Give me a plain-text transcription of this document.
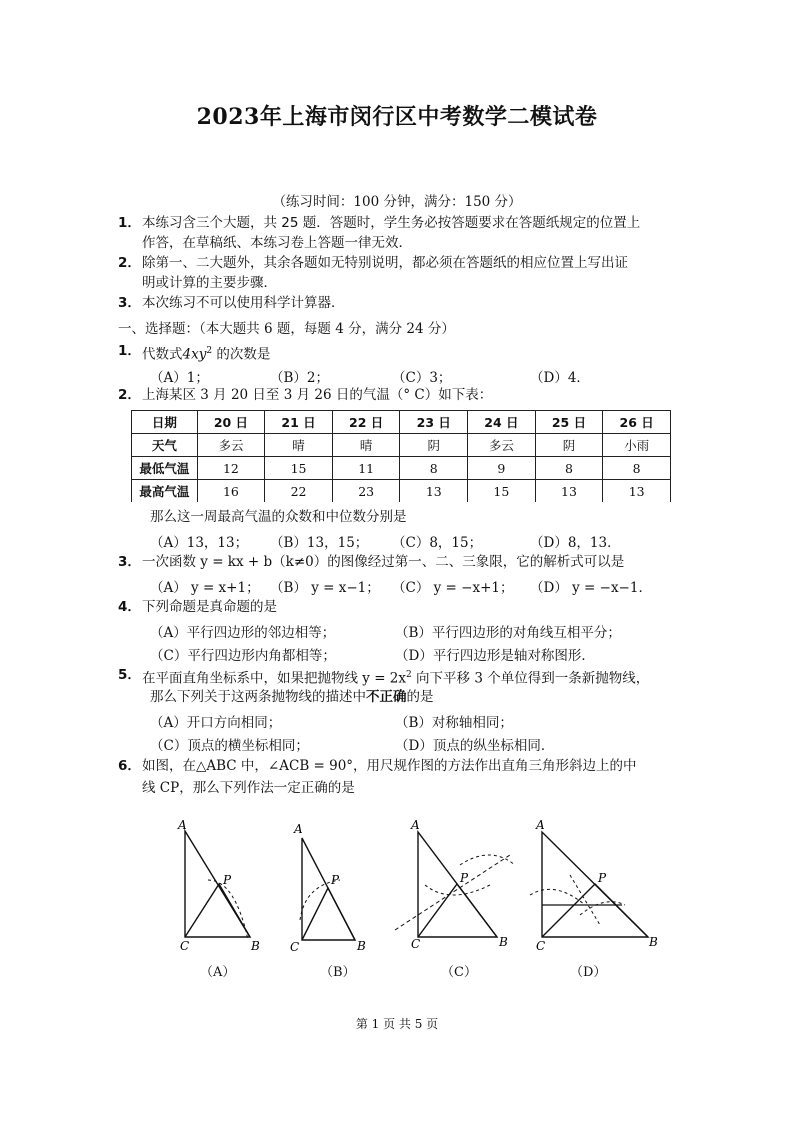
2023年上海市闵行区中考数学二模试卷
（练习时间：100 分钟，满分：150 分）
1． 本练习含三个大题，共 25 题．答题时，学生务必按答题要求在答题纸规定的位置上
作答，在草稿纸、本练习卷上答题一律无效．
2． 除第一、二大题外，其余各题如无特别说明，都必须在答题纸的相应位置上写出证
明或计算的主要步骤．
3． 本次练习不可以使用科学计算器．
一、选择题：（本大题共 6 题，每题 4 分，满分 24 分）
1． 代数式$4xy^2$ 的次数是
（A）1；	（B）2；	（C）3；	（D）4．
2． 上海某区 3 月 20 日至 3 月 26 日的气温（° C）如下表：
日期	20 日	21 日	22 日	23 日	24 日	25 日	26 日
天气	多云	晴	晴	阴	多云	阴	小雨
最低气温	12	15	11	8	9	8	8
最高气温	16	22	23	13	15	13	13
那么这一周最高气温的众数和中位数分别是
（A）13，13； （B）13，15； （C）8，15；	（D）8，13．
3． 一次函数 y = kx + b（k≠0）的图像经过第一、二、三象限，它的解析式可以是
（A） y = x+1； （B） y = x−1； （C） y = −x+1； （D） y = −x−1．
4． 下列命题是真命题的是
（A）平行四边形的邻边相等；	（B）平行四边形的对角线互相平分；
（C）平行四边形内角都相等；	（D）平行四边形是轴对称图形．
5． 在平面直角坐标系中，如果把抛物线 $y = 2x^2$ 向下平移 3 个单位得到一条新抛物线，
那么下列关于这两条抛物线的描述中不正确的是
（A）开口方向相同；	（B）对称轴相同；
（C）顶点的横坐标相同；	（D）顶点的纵坐标相同．
6． 如图，在△ABC 中，∠ACB = 90°，用尺规作图的方法作出直角三角形斜边上的中
线 CP，那么下列作法一定正确的是
A
C	B
P
A
C	B
P
A
C	B
P
A
C	B
P
（A）	（B）	（C）	（D）
第 1 页 共 5 页
